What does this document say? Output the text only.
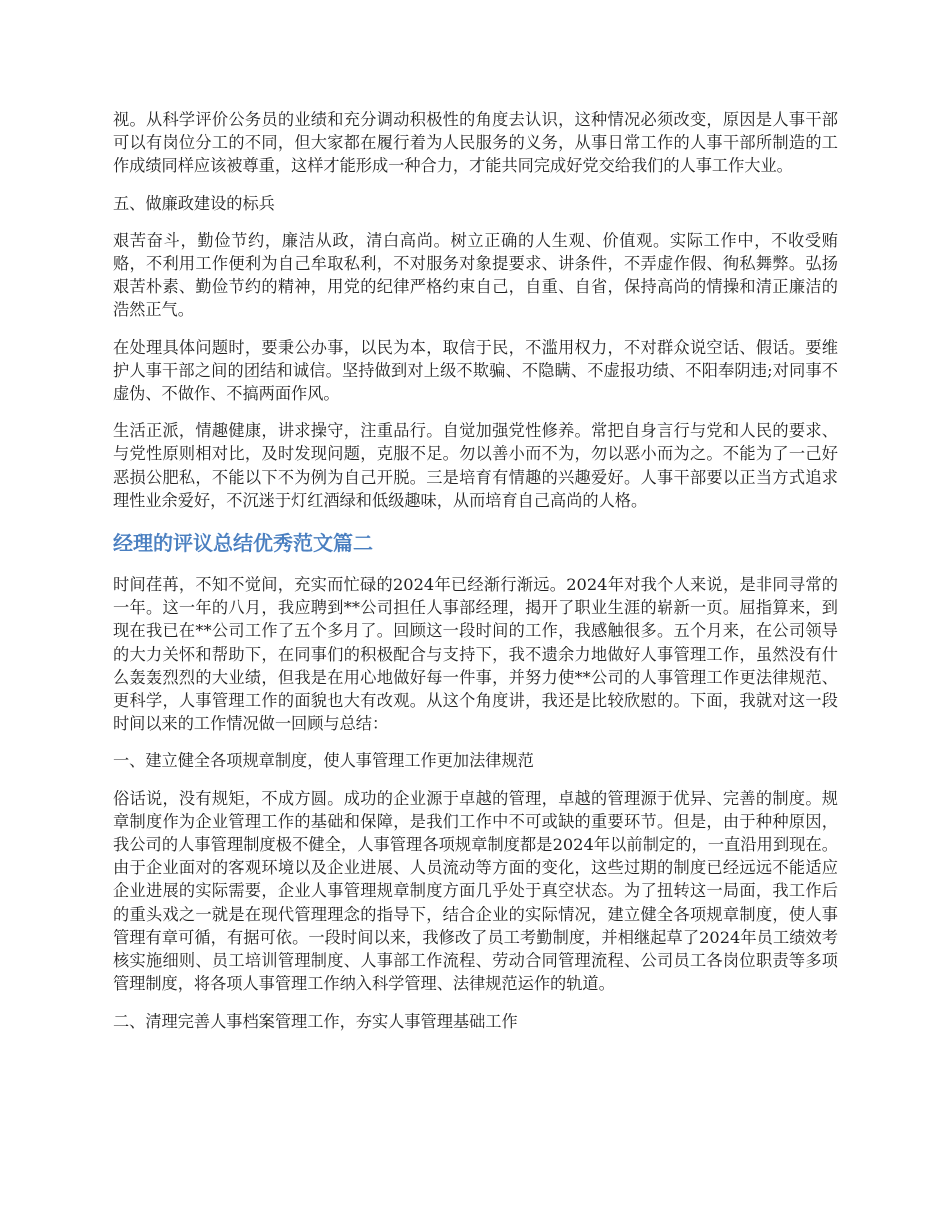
视。从科学评价公务员的业绩和充分调动积极性的角度去认识，这种情况必须改变，原因是人事干部可以有岗位分工的不同，但大家都在履行着为人民服务的义务，从事日常工作的人事干部所制造的工作成绩同样应该被尊重，这样才能形成一种合力，才能共同完成好党交给我们的人事工作大业。

五、做廉政建设的标兵

艰苦奋斗，勤俭节约，廉洁从政，清白高尚。树立正确的人生观、价值观。实际工作中，不收受贿赂，不利用工作便利为自己牟取私利，不对服务对象提要求、讲条件，不弄虚作假、徇私舞弊。弘扬艰苦朴素、勤俭节约的精神，用党的纪律严格约束自己，自重、自省，保持高尚的情操和清正廉洁的浩然正气。

在处理具体问题时，要秉公办事，以民为本，取信于民，不滥用权力，不对群众说空话、假话。要维护人事干部之间的团结和诚信。坚持做到对上级不欺骗、不隐瞒、不虚报功绩、不阳奉阴违;对同事不虚伪、不做作、不搞两面作风。

生活正派，情趣健康，讲求操守，注重品行。自觉加强党性修养。常把自身言行与党和人民的要求、与党性原则相对比，及时发现问题，克服不足。勿以善小而不为，勿以恶小而为之。不能为了一己好恶损公肥私，不能以下不为例为自己开脱。三是培育有情趣的兴趣爱好。人事干部要以正当方式追求理性业余爱好，不沉迷于灯红酒绿和低级趣味，从而培育自己高尚的人格。

经理的评议总结优秀范文篇二

时间荏苒，不知不觉间，充实而忙碌的2024年已经渐行渐远。2024年对我个人来说，是非同寻常的一年。这一年的八月，我应聘到**公司担任人事部经理，揭开了职业生涯的崭新一页。屈指算来，到现在我已在**公司工作了五个多月了。回顾这一段时间的工作，我感触很多。五个月来，在公司领导的大力关怀和帮助下，在同事们的积极配合与支持下，我不遗余力地做好人事管理工作，虽然没有什么轰轰烈烈的大业绩，但我是在用心地做好每一件事，并努力使**公司的人事管理工作更法律规范、更科学，人事管理工作的面貌也大有改观。从这个角度讲，我还是比较欣慰的。下面，我就对这一段时间以来的工作情况做一回顾与总结：

一、建立健全各项规章制度，使人事管理工作更加法律规范

俗话说，没有规矩，不成方圆。成功的企业源于卓越的管理，卓越的管理源于优异、完善的制度。规章制度作为企业管理工作的基础和保障，是我们工作中不可或缺的重要环节。但是，由于种种原因，我公司的人事管理制度极不健全，人事管理各项规章制度都是2024年以前制定的，一直沿用到现在。由于企业面对的客观环境以及企业进展、人员流动等方面的变化，这些过期的制度已经远远不能适应企业进展的实际需要，企业人事管理规章制度方面几乎处于真空状态。为了扭转这一局面，我工作后的重头戏之一就是在现代管理理念的指导下，结合企业的实际情况，建立健全各项规章制度，使人事管理有章可循，有据可依。一段时间以来，我修改了员工考勤制度，并相继起草了2024年员工绩效考核实施细则、员工培训管理制度、人事部工作流程、劳动合同管理流程、公司员工各岗位职责等多项管理制度，将各项人事管理工作纳入科学管理、法律规范运作的轨道。

二、清理完善人事档案管理工作，夯实人事管理基础工作
